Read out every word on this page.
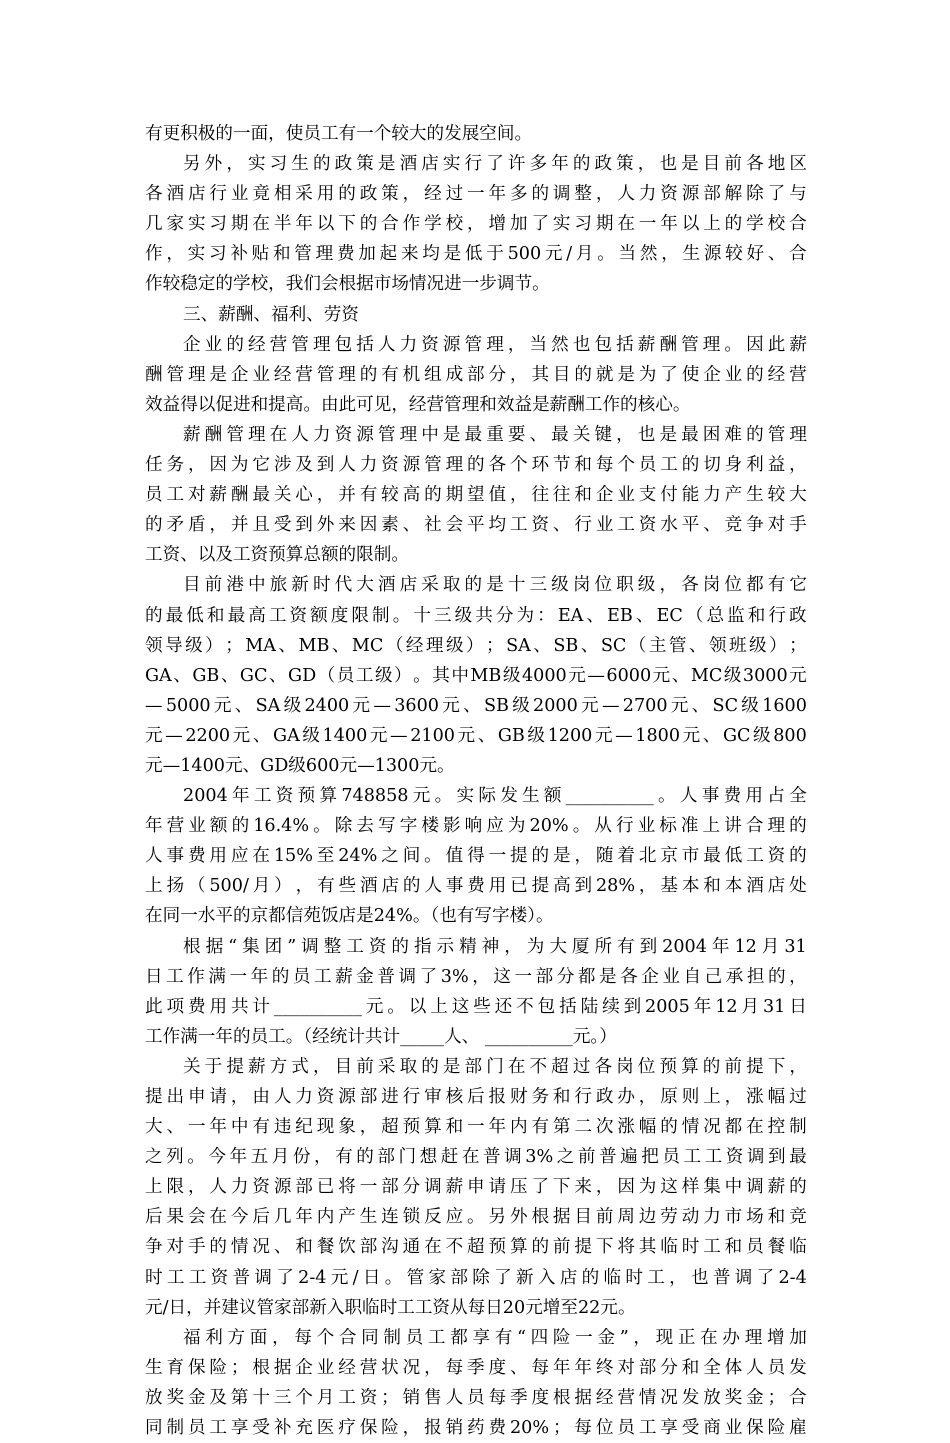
有更积极的一面，使员工有一个较大的发展空间。
另 外 ， 实 习 生 的 政 策 是 酒 店 实 行 了 许 多 年 的 政 策 ， 也 是 目 前 各 地 区
各 酒 店 行 业 竟 相 采 用 的 政 策 ， 经 过 一 年 多 的 调 整 ， 人 力 资 源 部 解 除 了 与
几 家 实 习 期 在 半 年 以 下 的 合 作 学 校 ， 增 加 了 实 习 期 在 一 年 以 上 的 学 校 合
作 ， 实 习 补 贴 和 管 理 费 加 起 来 均 是 低 于 500 元 / 月 。 当 然 ， 生 源 较 好 、 合
作较稳定的学校，我们会根据市场情况进一步调节。
三、薪酬、福利、劳资
企 业 的 经 营 管 理 包 括 人 力 资 源 管 理 ， 当 然 也 包 括 薪 酬 管 理 。 因 此 薪
酬 管 理 是 企 业 经 营 管 理 的 有 机 组 成 部 分 ， 其 目 的 就 是 为 了 使 企 业 的 经 营
效益得以促进和提高。由此可见，经营管理和效益是薪酬工作的核心。
薪 酬 管 理 在 人 力 资 源 管 理 中 是 最 重 要 、 最 关 键 ， 也 是 最 困 难 的 管 理
任 务 ， 因 为 它 涉 及 到 人 力 资 源 管 理 的 各 个 环 节 和 每 个 员 工 的 切 身 利 益 ，
员 工 对 薪 酬 最 关 心 ， 并 有 较 高 的 期 望 值 ， 往 往 和 企 业 支 付 能 力 产 生 较 大
的 矛 盾 ， 并 且 受 到 外 来 因 素 、 社 会 平 均 工 资 、 行 业 工 资 水 平 、 竞 争 对 手
工资、以及工资预算总额的限制。
目 前 港 中 旅 新 时 代 大 酒 店 采 取 的 是 十 三 级 岗 位 职 级 ， 各 岗 位 都 有 它
的 最 低 和 最 高 工 资 额 度 限 制 。 十 三 级 共 分 为 ： EA 、 EB 、 EC （ 总 监 和 行 政
领 导 级 ） ； MA 、 MB 、 MC （ 经 理 级 ） ； SA 、 SB 、 SC （ 主 管 、 领 班 级 ） ；
GA 、 GB 、 GC 、 GD （ 员 工 级 ） 。 其 中 MB 级 4000 元 — 6000 元 、 MC 级 3000 元
— 5000 元 、 SA 级 2400 元 — 3600 元 、 SB 级 2000 元 — 2700 元 、 SC 级 1600
元 — 2200 元 、 GA 级 1400 元 — 2100 元 、 GB 级 1200 元 — 1800 元 、 GC 级 800
元—1400元、GD级600元—1300元。
2004 年 工 资 预 算 748858 元 。 实 际 发 生 额 __________ 。 人 事 费 用 占 全
年 营 业 额 的 16.4% 。 除 去 写 字 楼 影 响 应 为 20% 。 从 行 业 标 准 上 讲 合 理 的
人 事 费 用 应 在 15% 至 24% 之 间 。 值 得 一 提 的 是 ， 随 着 北 京 市 最 低 工 资 的
上 扬 （ 500/ 月 ） ， 有 些 酒 店 的 人 事 费 用 已 提 高 到 28% ， 基 本 和 本 酒 店 处
在同一水平的京都信苑饭店是24%。（也有写字楼）。
根 据 “ 集 团 ” 调 整 工 资 的 指 示 精 神 ， 为 大 厦 所 有 到 2004 年 12 月 31
日 工 作 满 一 年 的 员 工 薪 金 普 调 了 3% ， 这 一 部 分 都 是 各 企 业 自 己 承 担 的 ，
此 项 费 用 共 计 __________ 元 。 以 上 这 些 还 不 包 括 陆 续 到 2005 年 12 月 31 日
工作满一年的员工。（经统计共计_____人、 __________元。）
关 于 提 薪 方 式 ， 目 前 采 取 的 是 部 门 在 不 超 过 各 岗 位 预 算 的 前 提 下 ，
提 出 申 请 ， 由 人 力 资 源 部 进 行 审 核 后 报 财 务 和 行 政 办 ， 原 则 上 ， 涨 幅 过
大 、 一 年 中 有 违 纪 现 象 ， 超 预 算 和 一 年 内 有 第 二 次 涨 幅 的 情 况 都 在 控 制
之 列 。 今 年 五 月 份 ， 有 的 部 门 想 赶 在 普 调 3% 之 前 普 遍 把 员 工 工 资 调 到 最
上 限 ， 人 力 资 源 部 已 将 一 部 分 调 薪 申 请 压 了 下 来 ， 因 为 这 样 集 中 调 薪 的
后 果 会 在 今 后 几 年 内 产 生 连 锁 反 应 。 另 外 根 据 目 前 周 边 劳 动 力 市 场 和 竞
争 对 手 的 情 况 、 和 餐 饮 部 沟 通 在 不 超 预 算 的 前 提 下 将 其 临 时 工 和 员 餐 临
时 工 工 资 普 调 了 2-4 元 / 日 。 管 家 部 除 了 新 入 店 的 临 时 工 ， 也 普 调 了 2-4
元/日，并建议管家部新入职临时工工资从每日20元增至22元。
福 利 方 面 ， 每 个 合 同 制 员 工 都 享 有 “ 四 险 一 金 ” ， 现 正 在 办 理 增 加
生 育 保 险 ； 根 据 企 业 经 营 状 况 ， 每 季 度 、 每 年 年 终 对 部 分 和 全 体 人 员 发
放 奖 金 及 第 十 三 个 月 工 资 ； 销 售 人 员 每 季 度 根 据 经 营 情 况 发 放 奖 金 ； 合
同 制 员 工 享 受 补 充 医 疗 保 险 ， 报 销 药 费 20% ； 每 位 员 工 享 受 商 业 保 险 雇
